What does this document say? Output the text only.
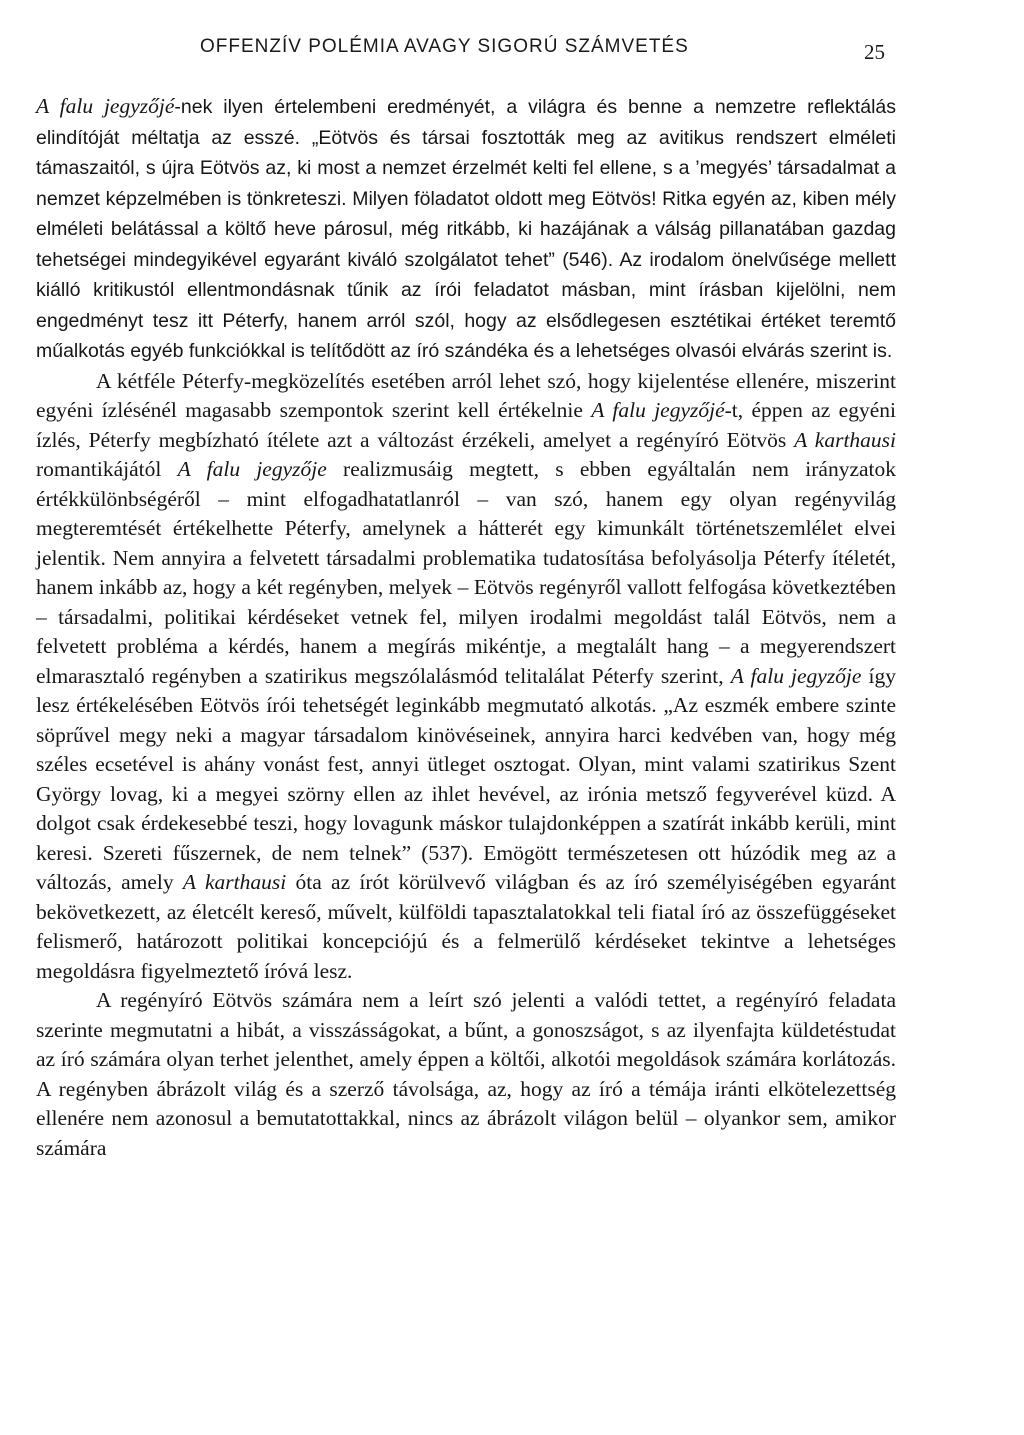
OFFENZÍV POLÉMIA AVAGY SIGORÚ SZÁMVETÉS	25

A falu jegyzőjé-nek ilyen értelembeni eredményét, a világra és benne a nemzetre reflektálás elindítóját méltatja az esszé. „Eötvös és társai fosztották meg az avitikus rendszert elméleti támaszaitól, s újra Eötvös az, ki most a nemzet érzelmét kelti fel ellene, s a ’megyés’ társadalmat a nemzet képzelmében is tönkreteszi. Milyen föladatot oldott meg Eötvös! Ritka egyén az, kiben mély elméleti belátással a költő heve párosul, még ritkább, ki hazájának a válság pillanatában gazdag tehetségei mindegyikével egyaránt kiváló szolgálatot tehet” (546). Az irodalom önelvűsége mellett kiálló kritikustól ellentmondásnak tűnik az írói feladatot másban, mint írásban kijelölni, nem engedményt tesz itt Péterfy, hanem arról szól, hogy az elsődlegesen esztétikai értéket teremtő műalkotás egyéb funkciókkal is telítődött az író szándéka és a lehetséges olvasói elvárás szerint is.

A kétféle Péterfy-megközelítés esetében arról lehet szó, hogy kijelentése ellenére, miszerint egyéni ízlésénél magasabb szempontok szerint kell értékelnie A falu jegyzőjé-t, éppen az egyéni ízlés, Péterfy megbízható ítélete azt a változást érzékeli, amelyet a regényíró Eötvös A karthausi romantikájától A falu jegyzője realizmusáig megtett, s ebben egyáltalán nem irányzatok értékkülönbségéről – mint elfogadhatatlanról – van szó, hanem egy olyan regényvilág megteremtését értékelhette Péterfy, amelynek a hátterét egy kimunkált történetszemlélet elvei jelentik. Nem annyira a felvetett társadalmi problematika tudatosítása befolyásolja Péterfy ítéletét, hanem inkább az, hogy a két regényben, melyek – Eötvös regényről vallott felfogása következtében – társadalmi, politikai kérdéseket vetnek fel, milyen irodalmi megoldást talál Eötvös, nem a felvetett probléma a kérdés, hanem a megírás mikéntje, a megtalált hang – a megyerendszert elmarasztaló regényben a szatirikus megszólalásmód telitalálat Péterfy szerint, A falu jegyzője így lesz értékelésében Eötvös írói tehetségét leginkább megmutató alkotás. „Az eszmék embere szinte söprűvel megy neki a magyar társadalom kinövéseinek, annyira harci kedvében van, hogy még széles ecsetével is ahány vonást fest, annyi ütleget osztogat. Olyan, mint valami szatirikus Szent György lovag, ki a megyei szörny ellen az ihlet hevével, az irónia metsző fegyverével küzd. A dolgot csak érdekesebbé teszi, hogy lovagunk máskor tulajdonképpen a szatírát inkább kerüli, mint keresi. Szereti fűszernek, de nem telnek” (537). Emögött természetesen ott húzódik meg az a változás, amely A karthausi óta az írót körülvevő világban és az író személyiségében egyaránt bekövetkezett, az életcélt kereső, művelt, külföldi tapasztalatokkal teli fiatal író az összefüggéseket felismerő, határozott politikai koncepciójú és a felmerülő kérdéseket tekintve a lehetséges megoldásra figyelmeztető íróvá lesz.

A regényíró Eötvös számára nem a leírt szó jelenti a valódi tettet, a regényíró feladata szerinte megmutatni a hibát, a visszásságokat, a bűnt, a gonoszságot, s az ilyenfajta küldetéstudat az író számára olyan terhet jelenthet, amely éppen a költői, alkotói megoldások számára korlátozás. A regényben ábrázolt világ és a szerző távolsága, az, hogy az író a témája iránti elkötelezettség ellenére nem azonosul a bemutatottakkal, nincs az ábrázolt világon belül – olyankor sem, amikor számára
